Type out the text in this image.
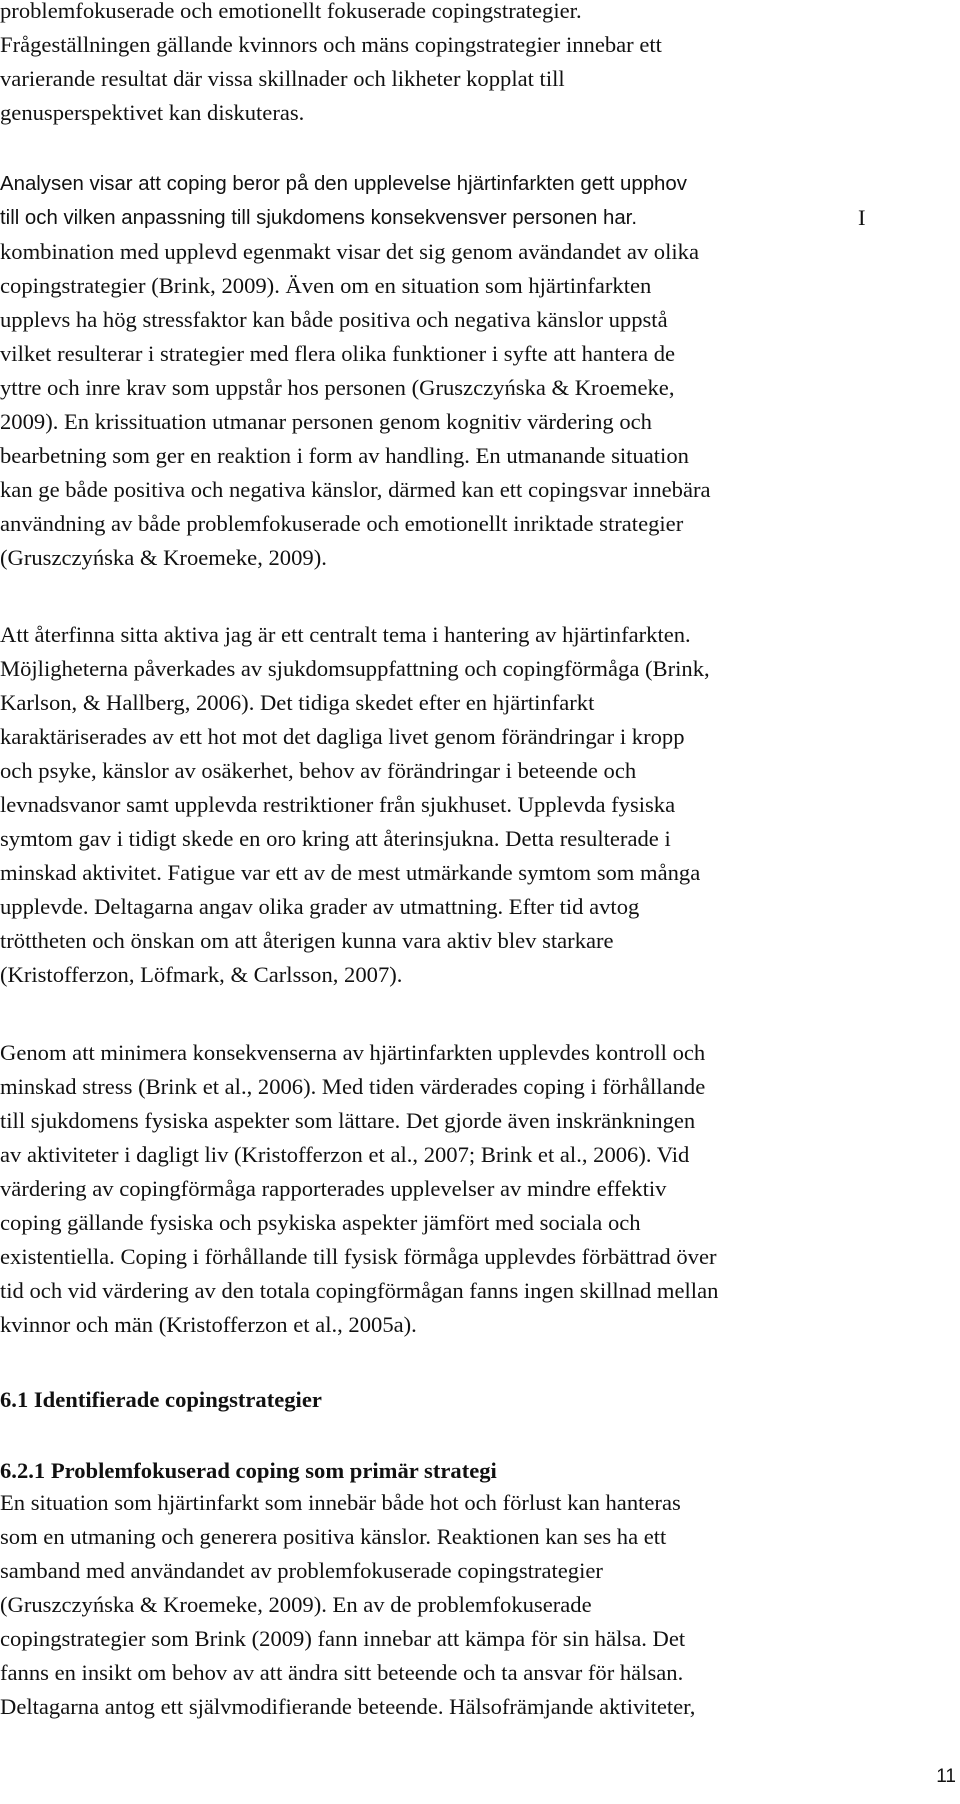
problemfokuserade och emotionellt fokuserade copingstrategier.
Frågeställningen gällande kvinnors och mäns copingstrategier innebar ett
varierande resultat där vissa skillnader och likheter kopplat till
genusperspektivet kan diskuteras.
Analysen visar att coping beror på den upplevelse hjärtinfarkten gett upphov
till och vilken anpassning till sjukdomens konsekvensver personen har.	I
kombination med upplevd egenmakt visar det sig genom avändandet av olika
copingstrategier (Brink, 2009). Även om en situation som hjärtinfarkten
upplevs ha hög stressfaktor kan både positiva och negativa känslor uppstå
vilket resulterar i strategier med flera olika funktioner i syfte att hantera de
yttre och inre krav som uppstår hos personen (Gruszczyńska & Kroemeke,
2009). En krissituation utmanar personen genom kognitiv värdering och
bearbetning som ger en reaktion i form av handling. En utmanande situation
kan ge både positiva och negativa känslor, därmed kan ett copingsvar innebära
användning av både problemfokuserade och emotionellt inriktade strategier
(Gruszczyńska & Kroemeke, 2009).
Att återfinna sitta aktiva jag är ett centralt tema i hantering av hjärtinfarkten.
Möjligheterna påverkades av sjukdomsuppfattning och copingförmåga (Brink,
Karlson, & Hallberg, 2006). Det tidiga skedet efter en hjärtinfarkt
karaktäriserades av ett hot mot det dagliga livet genom förändringar i kropp
och psyke, känslor av osäkerhet, behov av förändringar i beteende och
levnadsvanor samt upplevda restriktioner från sjukhuset. Upplevda fysiska
symtom gav i tidigt skede en oro kring att återinsjukna. Detta resulterade i
minskad aktivitet. Fatigue var ett av de mest utmärkande symtom som många
upplevde. Deltagarna angav olika grader av utmattning. Efter tid avtog
tröttheten och önskan om att återigen kunna vara aktiv blev starkare
(Kristofferzon, Löfmark, & Carlsson, 2007).
Genom att minimera konsekvenserna av hjärtinfarkten upplevdes kontroll och
minskad stress (Brink et al., 2006). Med tiden värderades coping i förhållande
till sjukdomens fysiska aspekter som lättare. Det gjorde även inskränkningen
av aktiviteter i dagligt liv (Kristofferzon et al., 2007; Brink et al., 2006). Vid
värdering av copingförmåga rapporterades upplevelser av mindre effektiv
coping gällande fysiska och psykiska aspekter jämfört med sociala och
existentiella. Coping i förhållande till fysisk förmåga upplevdes förbättrad över
tid och vid värdering av den totala copingförmågan fanns ingen skillnad mellan
kvinnor och män (Kristofferzon et al., 2005a).
6.1 Identifierade copingstrategier
6.2.1 Problemfokuserad coping som primär strategi
En situation som hjärtinfarkt som innebär både hot och förlust kan hanteras
som en utmaning och generera positiva känslor. Reaktionen kan ses ha ett
samband med användandet av problemfokuserade copingstrategier
(Gruszczyńska & Kroemeke, 2009). En av de problemfokuserade
copingstrategier som Brink (2009) fann innebar att kämpa för sin hälsa. Det
fanns en insikt om behov av att ändra sitt beteende och ta ansvar för hälsan.
Deltagarna antog ett självmodifierande beteende. Hälsofrämjande aktiviteter,
11
